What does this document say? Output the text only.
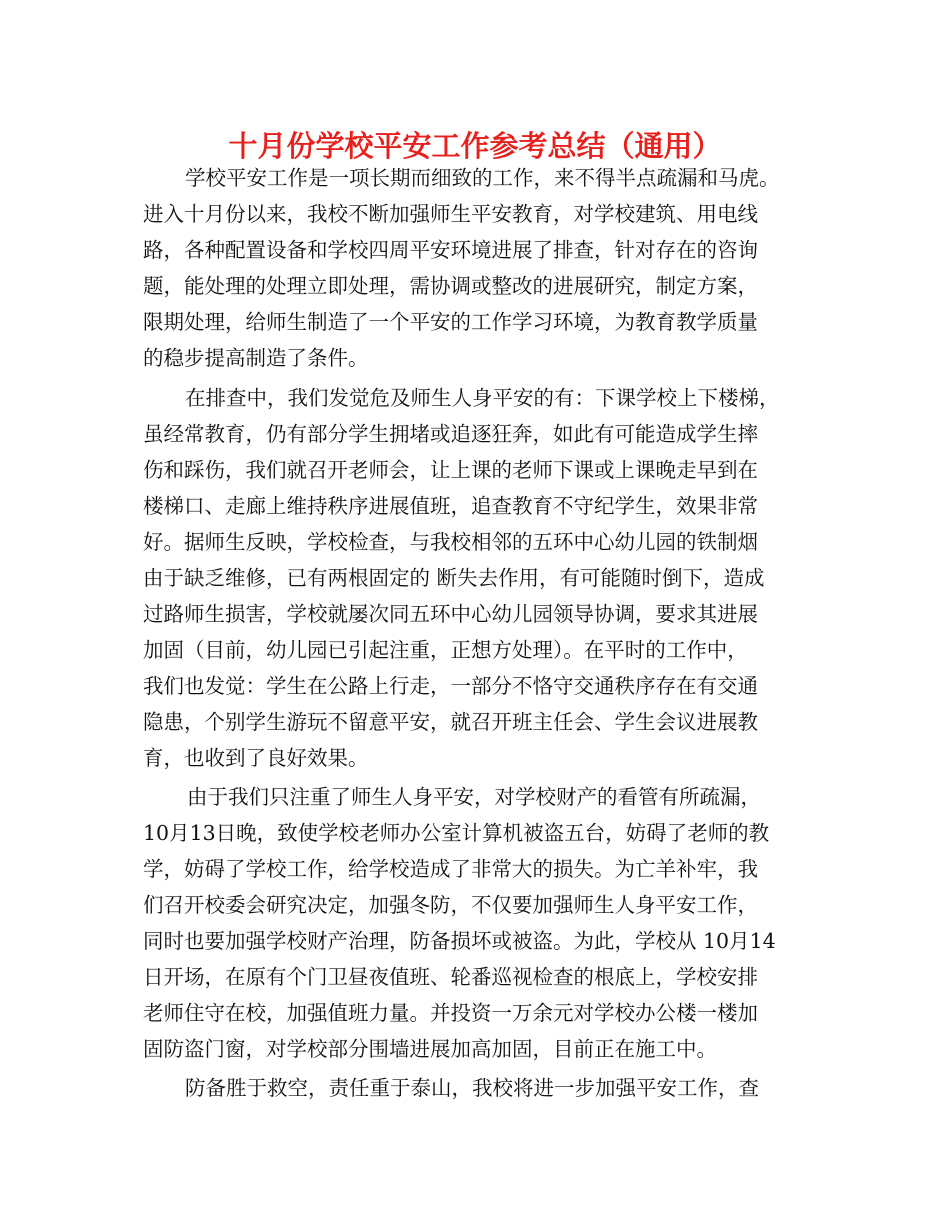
十月份学校平安工作参考总结（通用）

学校平安工作是一项长期而细致的工作，来不得半点疏漏和马虎。

进入十月份以来，我校不断加强师生平安教育，对学校建筑、用电线

路，各种配置设备和学校四周平安环境进展了排查，针对存在的咨询

题，能处理的处理立即处理，需协调或整改的进展研究，制定方案，

限期处理，给师生制造了一个平安的工作学习环境，为教育教学质量

的稳步提高制造了条件。

在排查中，我们发觉危及师生人身平安的有：下课学校上下楼梯，

虽经常教育，仍有部分学生拥堵或追逐狂奔，如此有可能造成学生摔

伤和踩伤，我们就召开老师会，让上课的老师下课或上课晚走早到在

楼梯口、走廊上维持秩序进展值班，追查教育不守纪学生，效果非常

好。据师生反映，学校检查，与我校相邻的五环中心幼儿园的铁制烟

由于缺乏维修，已有两根固定的 断失去作用，有可能随时倒下，造成

过路师生损害，学校就屡次同五环中心幼儿园领导协调，要求其进展

加固（目前，幼儿园已引起注重，正想方处理）。在平时的工作中，

我们也发觉：学生在公路上行走，一部分不恪守交通秩序存在有交通

隐患，个别学生游玩不留意平安，就召开班主任会、学生会议进展教

育，也收到了良好效果。

由于我们只注重了师生人身平安，对学校财产的看管有所疏漏，

10月13日晚，致使学校老师办公室计算机被盗五台，妨碍了老师的教

学，妨碍了学校工作，给学校造成了非常大的损失。为亡羊补牢，我

们召开校委会研究决定，加强冬防，不仅要加强师生人身平安工作，

同时也要加强学校财产治理，防备损坏或被盗。为此，学校从 10月14

日开场，在原有个门卫昼夜值班、轮番巡视检查的根底上，学校安排

老师住守在校，加强值班力量。并投资一万余元对学校办公楼一楼加

固防盗门窗，对学校部分围墙进展加高加固，目前正在施工中。

防备胜于救空，责任重于泰山，我校将进一步加强平安工作，查
